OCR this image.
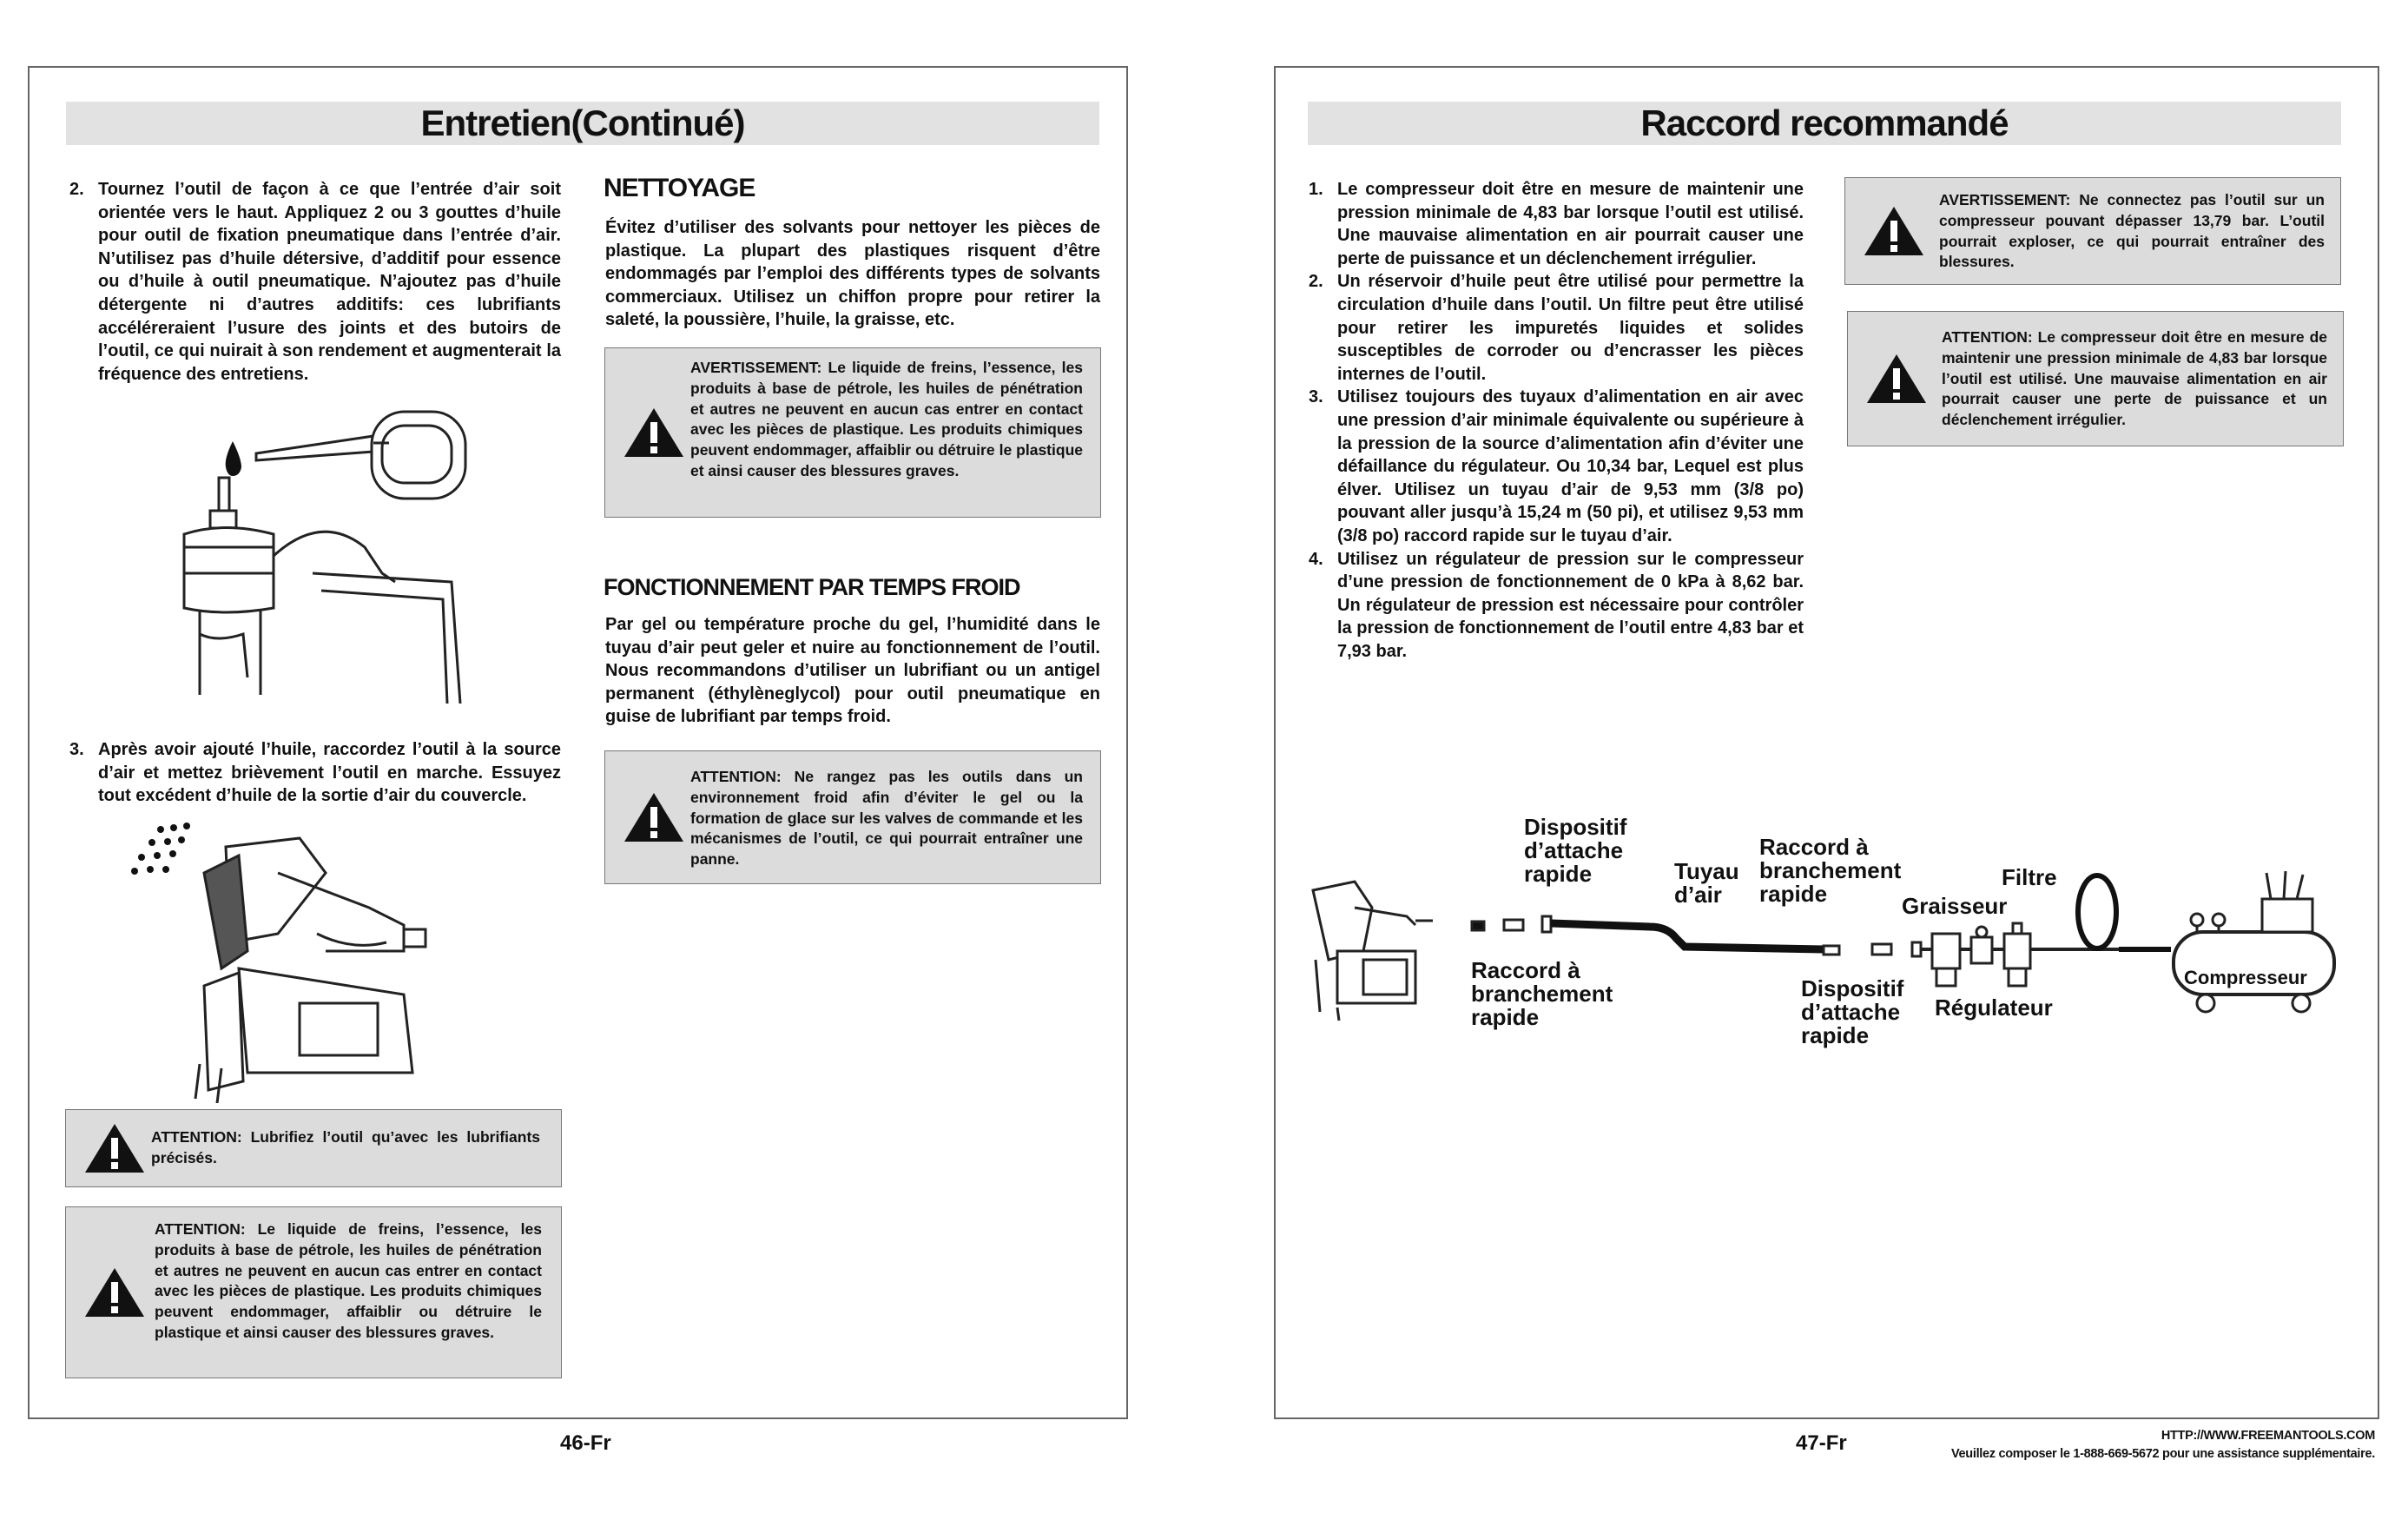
Entretien(Continué)
2. Tournez l’outil de façon à ce que l’entrée d’air soit orientée vers le haut. Appliquez 2 ou 3 gouttes d’huile pour outil de fixation pneumatique dans l’entrée d’air. N’utilisez pas d’huile détersive, d’additif pour essence ou d’huile à outil pneumatique. N’ajoutez pas d’huile détergente ni d’autres additifs: ces lubrifiants accéléreraient l’usure des joints et des butoirs de l’outil, ce qui nuirait à son rendement et augmenterait la fréquence des entretiens.
3. Après avoir ajouté l’huile, raccordez l’outil à la source d’air et mettez brièvement l’outil en marche. Essuyez tout excédent d’huile de la sortie d’air du couvercle.
ATTENTION: Lubrifiez l’outil qu’avec les lubrifiants précisés.
ATTENTION: Le liquide de freins, l’essence, les produits à base de pétrole, les huiles de pénétration et autres ne peuvent en aucun cas entrer en contact avec les pièces de plastique. Les produits chimiques peuvent endommager, affaiblir ou détruire le plastique et ainsi causer des blessures graves.
NETTOYAGE
Évitez d’utiliser des solvants pour nettoyer les pièces de plastique. La plupart des plastiques risquent d’être endommagés par l’emploi des différents types de solvants commerciaux. Utilisez un chiffon propre pour retirer la saleté, la poussière, l’huile, la graisse, etc.
AVERTISSEMENT: Le liquide de freins, l’essence, les produits à base de pétrole, les huiles de pénétration et autres ne peuvent en aucun cas entrer en contact avec les pièces de plastique. Les produits chimiques peuvent endommager, affaiblir ou détruire le plastique et ainsi causer des blessures graves.
FONCTIONNEMENT PAR TEMPS FROID
Par gel ou température proche du gel, l’humidité dans le tuyau d’air peut geler et nuire au fonctionnement de l’outil. Nous recommandons d’utiliser un lubrifiant ou un antigel permanent (éthylèneglycol) pour outil pneumatique en guise de lubrifiant par temps froid.
ATTENTION: Ne rangez pas les outils dans un environnement froid afin d’éviter le gel ou la formation de glace sur les valves de commande et les mécanismes de l’outil, ce qui pourrait entraîner une panne.
46-Fr
Raccord recommandé
1. Le compresseur doit être en mesure de maintenir une pression minimale de 4,83 bar lorsque l’outil est utilisé. Une mauvaise alimentation en air pourrait causer une perte de puissance et un déclenchement irrégulier.
2. Un réservoir d’huile peut être utilisé pour permettre la circulation d’huile dans l’outil. Un filtre peut être utilisé pour retirer les impuretés liquides et solides susceptibles de corroder ou d’encrasser les pièces internes de l’outil.
3. Utilisez toujours des tuyaux d’alimentation en air avec une pression d’air minimale équivalente ou supérieure à la pression de la source d’alimentation afin d’éviter une défaillance du régulateur. Ou 10,34 bar, Lequel est plus élver. Utilisez un tuyau d’air de 9,53 mm (3/8 po) pouvant aller jusqu’à 15,24 m (50 pi), et utilisez 9,53 mm (3/8 po) raccord rapide sur le tuyau d’air.
4. Utilisez un régulateur de pression sur le compresseur d’une pression de fonctionnement de 0 kPa à 8,62 bar. Un régulateur de pression est nécessaire pour contrôler la pression de fonctionnement de l’outil entre 4,83 bar et 7,93 bar.
AVERTISSEMENT: Ne connectez pas l’outil sur un compresseur pouvant dépasser 13,79 bar. L’outil pourrait exploser, ce qui pourrait entraîner des blessures.
ATTENTION: Le compresseur doit être en mesure de maintenir une pression minimale de 4,83 bar lorsque l’outil est utilisé. Une mauvaise alimentation en air pourrait causer une perte de puissance et un déclenchement irrégulier.
Dispositif d’attache rapide	Tuyau d’air
Raccord à branchement rapide	Graisseur
Filtre
Raccord à branchement rapide
Dispositif d’attache rapide
Régulateur
Compresseur
47-Fr	HTTP://WWW.FREEMANTOOLS.COM
Veuillez composer le 1-888-669-5672 pour une assistance supplémentaire.
